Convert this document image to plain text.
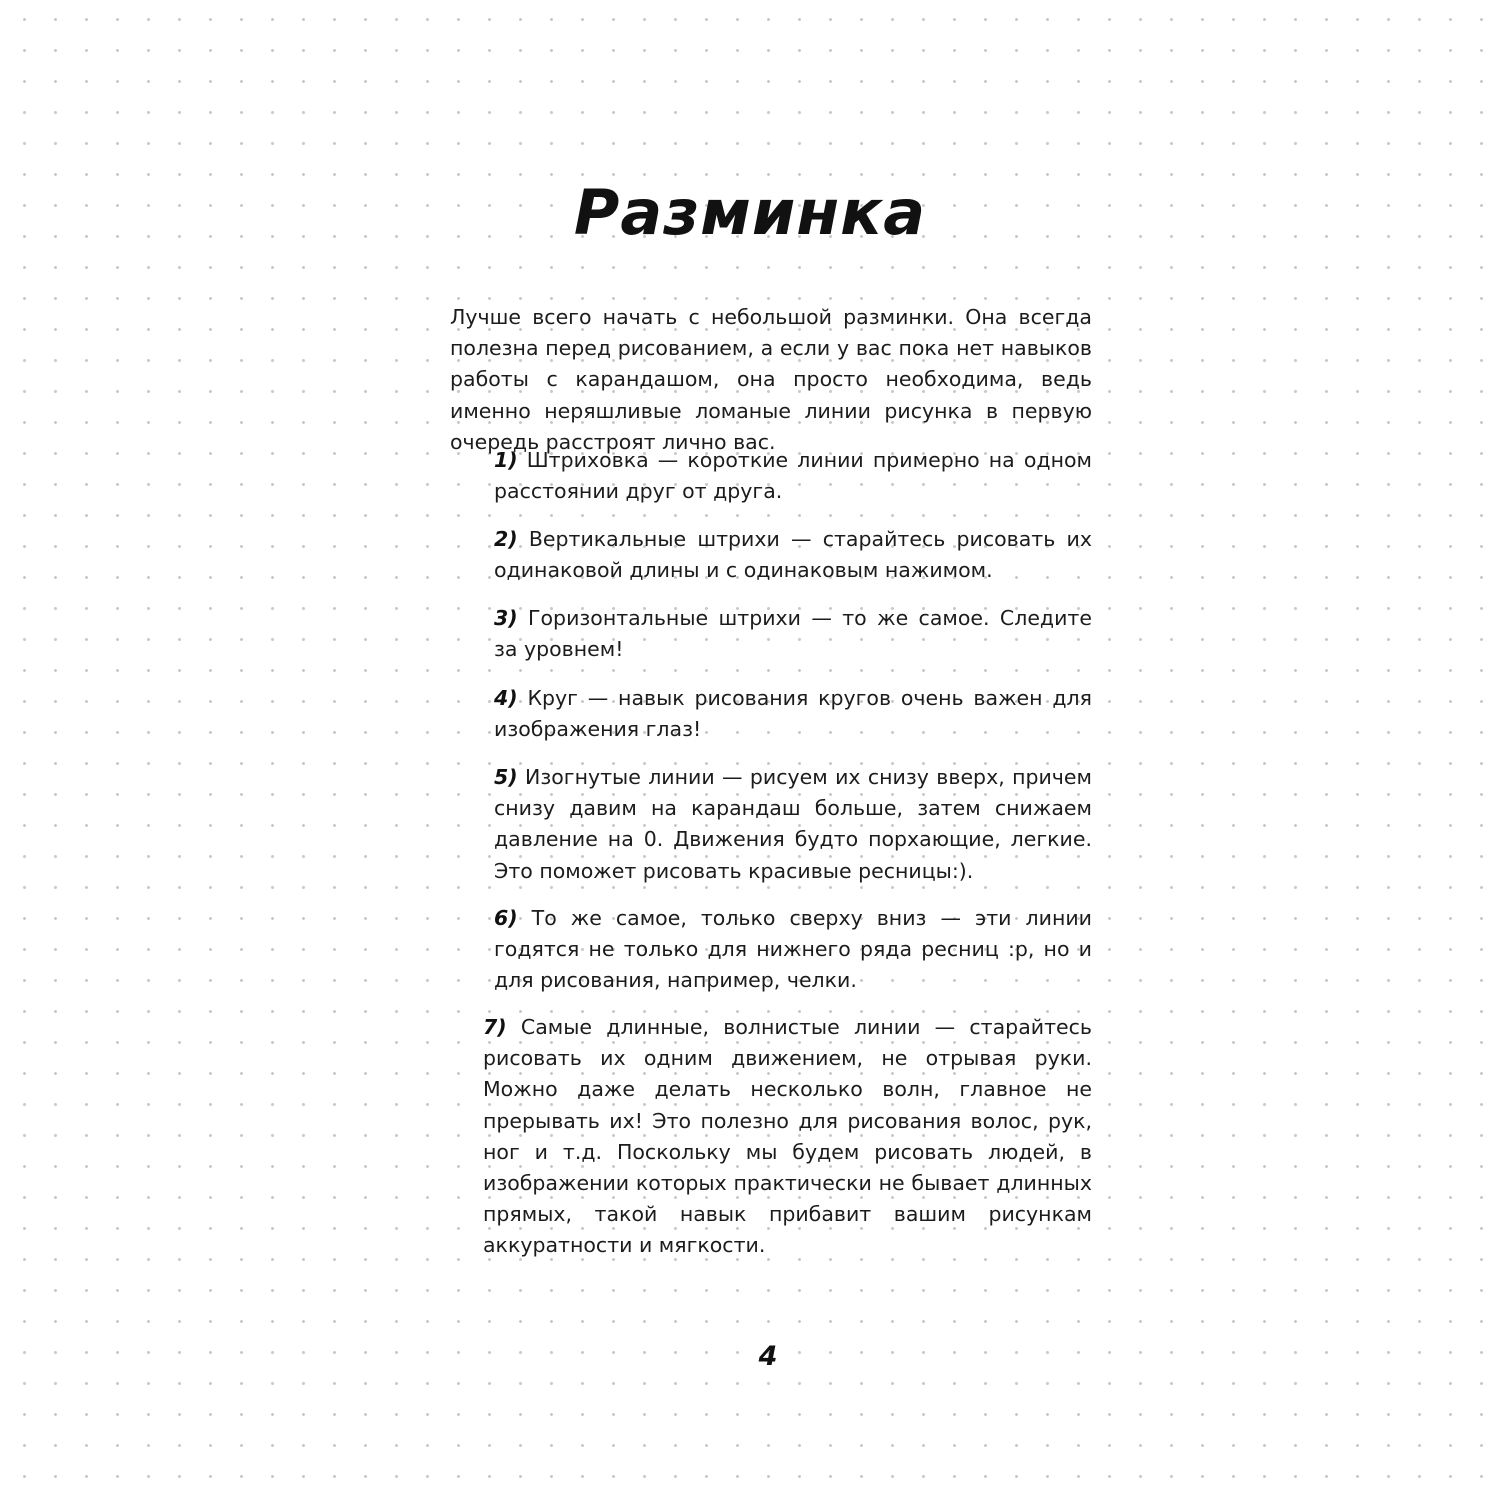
Разминка

Лучше всего начать с небольшой разминки. Она всегда полезна перед рисованием, а если у вас пока нет навыков работы с карандашом, она просто необходима, ведь именно неряшливые ломаные линии рисунка в первую очередь расстроят лично вас.

1) Штриховка — короткие линии примерно на одном расстоянии друг от друга.
2) Вертикальные штрихи — старайтесь рисовать их одинаковой длины и с одинаковым нажимом.
3) Горизонтальные штрихи — то же самое. Следите за уровнем!
4) Круг — навык рисования кругов очень важен для изображения глаз!
5) Изогнутые линии — рисуем их снизу вверх, причем снизу давим на карандаш больше, затем снижаем давление на 0. Движения будто порхающие, легкие. Это поможет рисовать красивые ресницы:).
6) То же самое, только сверху вниз — эти линии годятся не только для нижнего ряда ресниц :р, но и для рисования, например, челки.
7) Самые длинные, волнистые линии — старайтесь рисовать их одним движением, не отрывая руки. Можно даже делать несколько волн, главное не прерывать их! Это полезно для рисования волос, рук, ног и т.д. Поскольку мы будем рисовать людей, в изображении которых практически не бывает длинных прямых, такой навык прибавит вашим рисункам аккуратности и мягкости.
4
